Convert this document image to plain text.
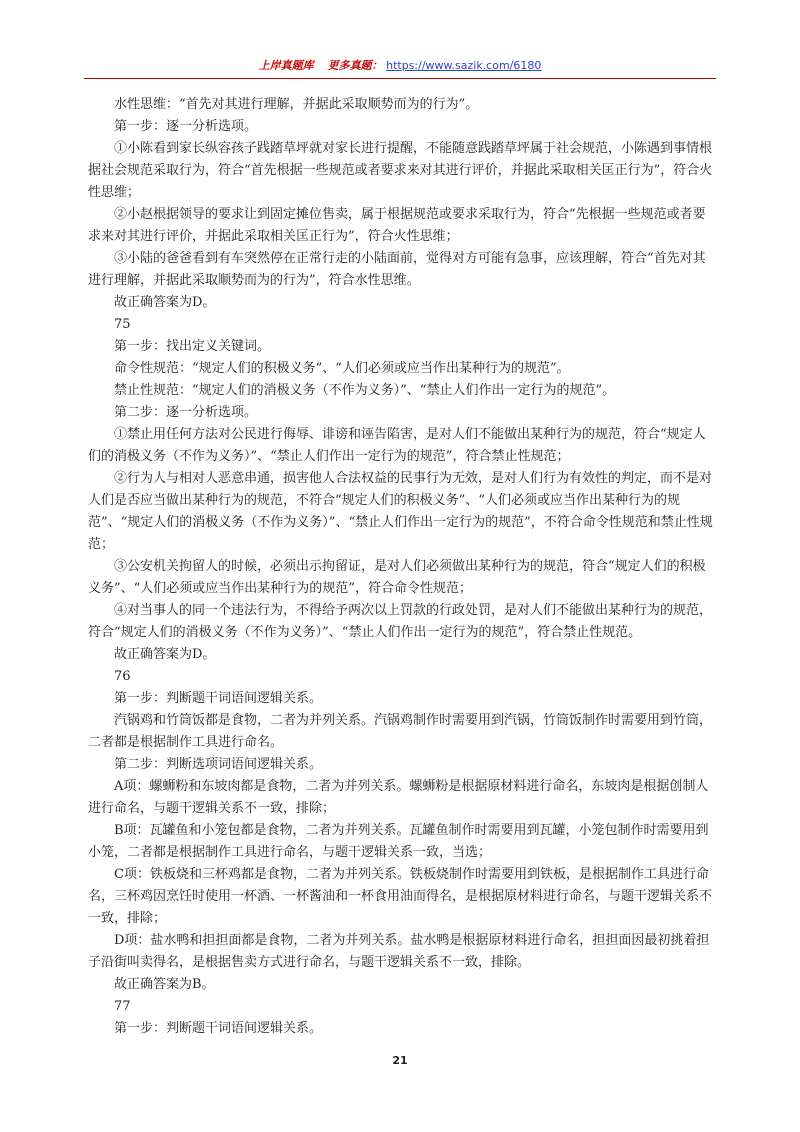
上岸真题库 更多真题： https://www.sazik.com/6180

水性思维：“首先对其进行理解，并据此采取顺势而为的行为”。

第一步：逐一分析选项。

①小陈看到家长纵容孩子践踏草坪就对家长进行提醒，不能随意践踏草坪属于社会规范，小陈遇到事情根据社会规范采取行为，符合“首先根据一些规范或者要求来对其进行评价，并据此采取相关匡正行为”，符合火性思维；

②小赵根据领导的要求让到固定摊位售卖，属于根据规范或要求采取行为，符合“先根据一些规范或者要求来对其进行评价，并据此采取相关匡正行为”，符合火性思维；

③小陆的爸爸看到有车突然停在正常行走的小陆面前，觉得对方可能有急事，应该理解，符合“首先对其进行理解，并据此采取顺势而为的行为”，符合水性思维。

故正确答案为D。

75

第一步：找出定义关键词。

命令性规范：“规定人们的积极义务”、“人们必须或应当作出某种行为的规范”。

禁止性规范：“规定人们的消极义务（不作为义务）”、“禁止人们作出一定行为的规范”。

第二步：逐一分析选项。

①禁止用任何方法对公民进行侮辱、诽谤和诬告陷害，是对人们不能做出某种行为的规范，符合“规定人们的消极义务（不作为义务）”、“禁止人们作出一定行为的规范”，符合禁止性规范；

②行为人与相对人恶意串通，损害他人合法权益的民事行为无效，是对人们行为有效性的判定，而不是对人们是否应当做出某种行为的规范，不符合“规定人们的积极义务”、“人们必须或应当作出某种行为的规范”、“规定人们的消极义务（不作为义务）”、“禁止人们作出一定行为的规范”，不符合命令性规范和禁止性规范；

③公安机关拘留人的时候，必须出示拘留证，是对人们必须做出某种行为的规范，符合“规定人们的积极义务”、“人们必须或应当作出某种行为的规范”，符合命令性规范；

④对当事人的同一个违法行为，不得给予两次以上罚款的行政处罚，是对人们不能做出某种行为的规范，符合“规定人们的消极义务（不作为义务）”、“禁止人们作出一定行为的规范”，符合禁止性规范。

故正确答案为D。

76

第一步：判断题干词语间逻辑关系。

汽锅鸡和竹筒饭都是食物，二者为并列关系。汽锅鸡制作时需要用到汽锅，竹筒饭制作时需要用到竹筒，二者都是根据制作工具进行命名。

第二步：判断选项词语间逻辑关系。

A项：螺蛳粉和东坡肉都是食物，二者为并列关系。螺蛳粉是根据原材料进行命名，东坡肉是根据创制人进行命名，与题干逻辑关系不一致，排除；

B项：瓦罐鱼和小笼包都是食物，二者为并列关系。瓦罐鱼制作时需要用到瓦罐，小笼包制作时需要用到小笼，二者都是根据制作工具进行命名，与题干逻辑关系一致，当选；

C项：铁板烧和三杯鸡都是食物，二者为并列关系。铁板烧制作时需要用到铁板，是根据制作工具进行命名，三杯鸡因烹饪时使用一杯酒、一杯酱油和一杯食用油而得名，是根据原材料进行命名，与题干逻辑关系不一致，排除；

D项：盐水鸭和担担面都是食物，二者为并列关系。盐水鸭是根据原材料进行命名，担担面因最初挑着担子沿街叫卖得名，是根据售卖方式进行命名，与题干逻辑关系不一致，排除。

故正确答案为B。

77

第一步：判断题干词语间逻辑关系。

21
